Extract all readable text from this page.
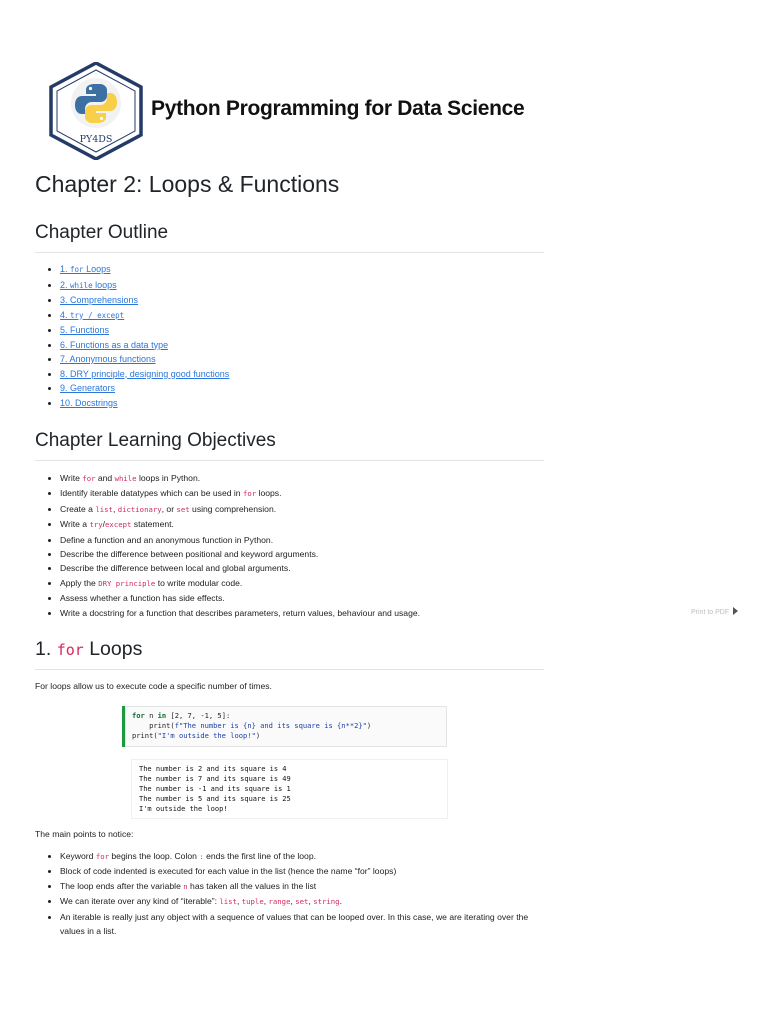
PY4DS
Python Programming for Data Science
Chapter 2: Loops & Functions
Chapter Outline
• 1. for Loops
• 2. while loops
• 3. Comprehensions
• 4. try / except
• 5. Functions
• 6. Functions as a data type
• 7. Anonymous functions
• 8. DRY principle, designing good functions
• 9. Generators
• 10. Docstrings
Chapter Learning Objectives
• Write for and while loops in Python.
• Identify iterable datatypes which can be used in for loops.
• Create a list, dictionary, or set using comprehension.
• Write a try/except statement.
• Define a function and an anonymous function in Python.
• Describe the difference between positional and keyword arguments.
• Describe the difference between local and global arguments.
• Apply the DRY principle to write modular code.
• Assess whether a function has side effects.
• Write a docstring for a function that describes parameters, return values, behaviour and usage.	Print to PDF
1. for Loops

For loops allow us to execute code a specific number of times.

for n in [2, 7, -1, 5]:
print(f"The number is {n} and its square is {n**2}")
print("I'm outside the loop!")
The number is 2 and its square is 4
The number is 7 and its square is 49
The number is -1 and its square is 1
The number is 5 and its square is 25
I'm outside the loop!

The main points to notice:

• Keyword for begins the loop. Colon : ends the first line of the loop.
• Block of code indented is executed for each value in the list (hence the name “for” loops)
• The loop ends after the variable n has taken all the values in the list
• We can iterate over any kind of “iterable”: list, tuple, range, set, string.
• An iterable is really just any object with a sequence of values that can be looped over. In this case, we are iterating over the values in a list.
